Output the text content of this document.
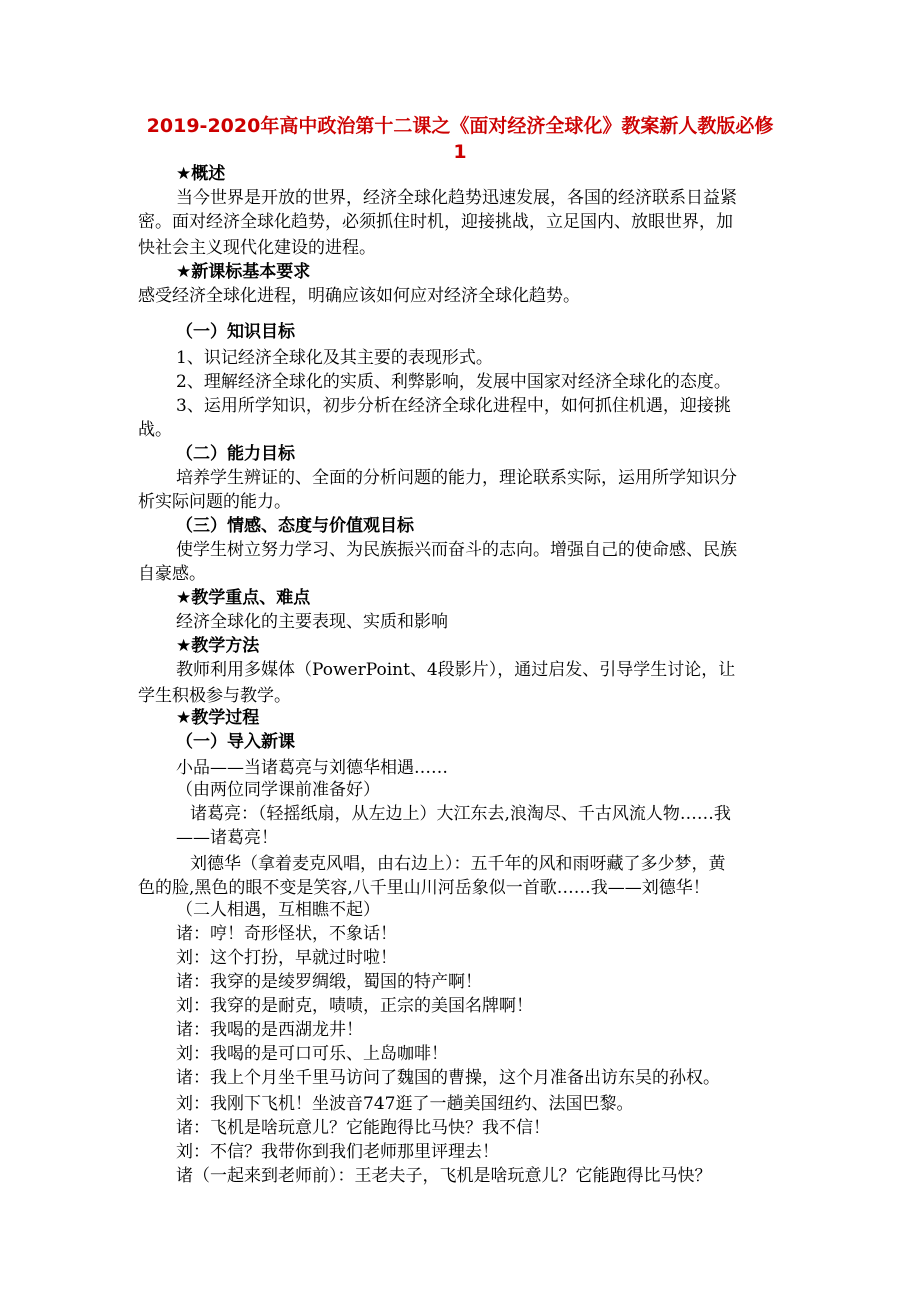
2019-2020年高中政治第十二课之《面对经济全球化》教案新人教版必修
1
★概述
当今世界是开放的世界，经济全球化趋势迅速发展，各国的经济联系日益紧
密。面对经济全球化趋势，必须抓住时机，迎接挑战，立足国内、放眼世界，加
快社会主义现代化建设的进程。
★新课标基本要求
感受经济全球化进程，明确应该如何应对经济全球化趋势。
（一）知识目标
1、识记经济全球化及其主要的表现形式。
2、理解经济全球化的实质、利弊影响，发展中国家对经济全球化的态度。
3、运用所学知识，初步分析在经济全球化进程中，如何抓住机遇，迎接挑
战。
（二）能力目标
培养学生辨证的、全面的分析问题的能力，理论联系实际，运用所学知识分
析实际问题的能力。
（三）情感、态度与价值观目标
使学生树立努力学习、为民族振兴而奋斗的志向。增强自己的使命感、民族
自豪感。
★教学重点、难点
经济全球化的主要表现、实质和影响
★教学方法
教师利用多媒体（PowerPoint、4段影片），通过启发、引导学生讨论，让
学生积极参与教学。
★教学过程
（一）导入新课
小品——当诸葛亮与刘德华相遇……
（由两位同学课前准备好）
诸葛亮：（轻摇纸扇，从左边上）大江东去,浪淘尽、千古风流人物……我
——诸葛亮！
刘德华（拿着麦克风唱，由右边上）：五千年的风和雨呀藏了多少梦，黄
色的脸,黑色的眼不变是笑容,八千里山川河岳象似一首歌……我——刘德华！
（二人相遇，互相瞧不起）
诸：哼！奇形怪状，不象话！
刘：这个打扮，早就过时啦！
诸：我穿的是绫罗绸缎，蜀国的特产啊！
刘：我穿的是耐克，啧啧，正宗的美国名牌啊！
诸：我喝的是西湖龙井！
刘：我喝的是可口可乐、上岛咖啡！
诸：我上个月坐千里马访问了魏国的曹操，这个月准备出访东吴的孙权。
刘：我刚下飞机！坐波音747逛了一趟美国纽约、法国巴黎。
诸：飞机是啥玩意儿？它能跑得比马快？我不信！
刘：不信？我带你到我们老师那里评理去！
诸（一起来到老师前）：王老夫子，飞机是啥玩意儿？它能跑得比马快？
